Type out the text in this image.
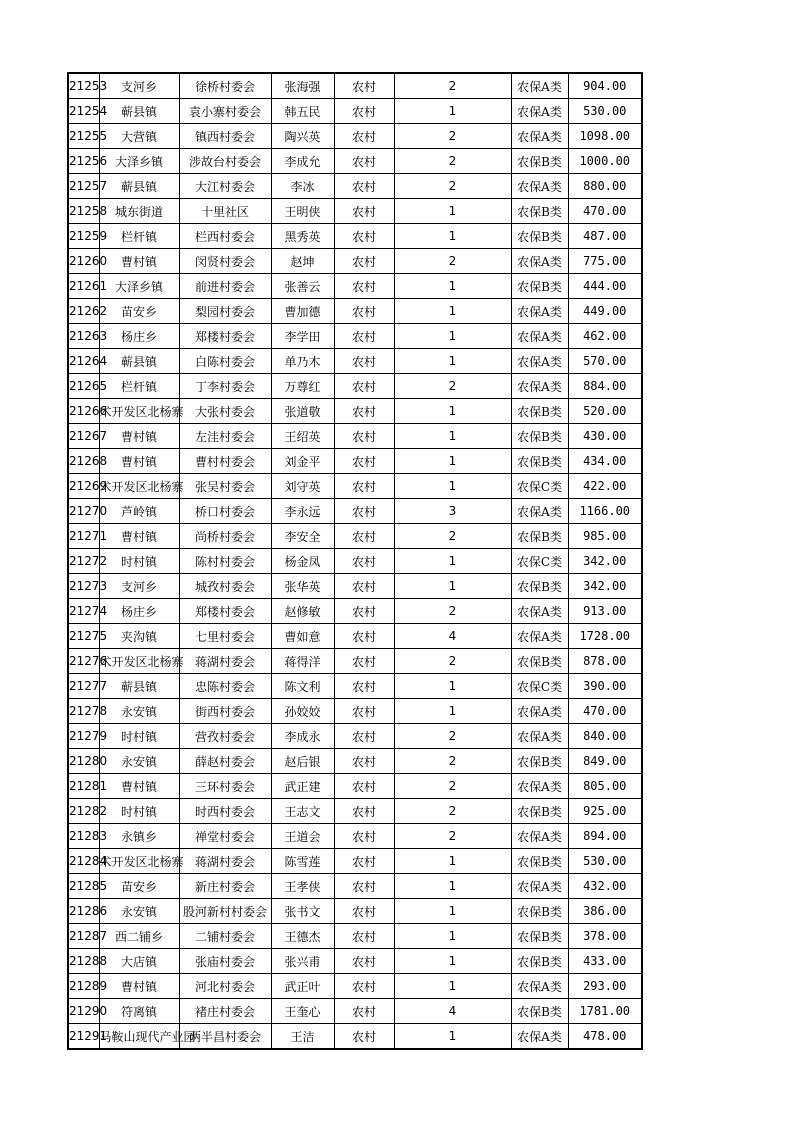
21253	支河乡	徐桥村委会	张海强	农村	2	农保A类	904.00
21254	蕲县镇	袁小寨村委会	韩五民	农村	1	农保A类	530.00
21255	大营镇	镇西村委会	陶兴英	农村	2	农保A类	1098.00
21256	大泽乡镇	涉故台村委会	李成允	农村	2	农保B类	1000.00
21257	蕲县镇	大江村委会	李冰	农村	2	农保A类	880.00
21258	城东街道	十里社区	王明侠	农村	1	农保B类	470.00
21259	栏杆镇	栏西村委会	黑秀英	农村	1	农保B类	487.00
21260	曹村镇	闵贤村委会	赵坤	农村	2	农保A类	775.00
21261	大泽乡镇	前进村委会	张善云	农村	1	农保B类	444.00
21262	苗安乡	梨园村委会	曹加德	农村	1	农保A类	449.00
21263	杨庄乡	郑楼村委会	李学田	农村	1	农保A类	462.00
21264	蕲县镇	白陈村委会	单乃木	农村	1	农保A类	570.00
21265	栏杆镇	丁李村委会	万尊红	农村	2	农保A类	884.00
21266	术开发区北杨寨	大张村委会	张道敬	农村	1	农保B类	520.00
21267	曹村镇	左洼村委会	王绍英	农村	1	农保B类	430.00
21268	曹村镇	曹村村委会	刘金平	农村	1	农保B类	434.00
21269	术开发区北杨寨	张吴村委会	刘守英	农村	1	农保C类	422.00
21270	芦岭镇	桥口村委会	李永远	农村	3	农保A类	1166.00
21271	曹村镇	尚桥村委会	李安全	农村	2	农保B类	985.00
21272	时村镇	陈村村委会	杨金凤	农村	1	农保C类	342.00
21273	支河乡	城孜村委会	张华英	农村	1	农保B类	342.00
21274	杨庄乡	郑楼村委会	赵修敏	农村	2	农保A类	913.00
21275	夹沟镇	七里村委会	曹如意	农村	4	农保A类	1728.00
21276	术开发区北杨寨	蒋湖村委会	蒋得洋	农村	2	农保B类	878.00
21277	蕲县镇	忠陈村委会	陈文利	农村	1	农保C类	390.00
21278	永安镇	街西村委会	孙姣姣	农村	1	农保A类	470.00
21279	时村镇	营孜村委会	李成永	农村	2	农保A类	840.00
21280	永安镇	薛赵村委会	赵后银	农村	2	农保B类	849.00
21281	曹村镇	三环村委会	武正建	农村	2	农保A类	805.00
21282	时村镇	时西村委会	王志文	农村	2	农保B类	925.00
21283	永镇乡	禅堂村委会	王道会	农村	2	农保A类	894.00
21284	术开发区北杨寨	蒋湖村委会	陈雪莲	农村	1	农保B类	530.00
21285	苗安乡	新庄村委会	王孝侠	农村	1	农保A类	432.00
21286	永安镇	股河新村村委会	张书文	农村	1	农保B类	386.00
21287	西二铺乡	二铺村委会	王德杰	农村	1	农保B类	378.00
21288	大店镇	张庙村委会	张兴甫	农村	1	农保B类	433.00
21289	曹村镇	河北村委会	武正叶	农村	1	农保A类	293.00
21290	符离镇	褚庄村委会	王奎心	农村	4	农保B类	1781.00
21291	马鞍山现代产业园	两半昌村委会	王洁	农村	1	农保A类	478.00
